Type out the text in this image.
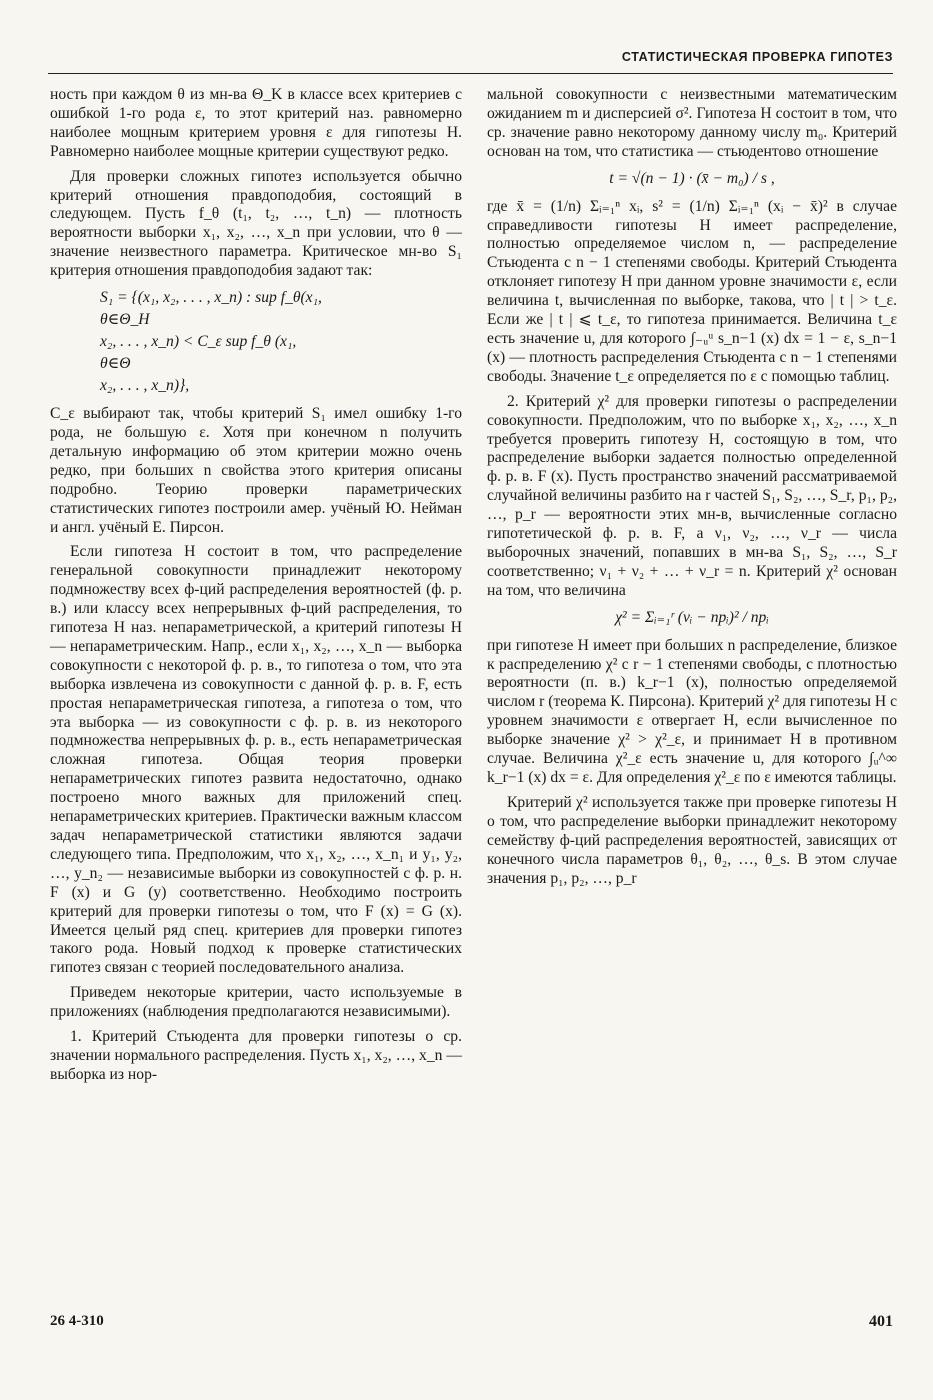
СТАТИСТИЧЕСКАЯ ПРОВЕРКА ГИПОТЕЗ

ность при каждом θ из мн-ва Θ_K в классе всех критериев с ошибкой 1-го рода ε, то этот критерий наз. равномерно наиболее мощным критерием уровня ε для гипотезы H. Равномерно наиболее мощные критерии существуют редко.

Для проверки сложных гипотез используется обычно критерий отношения правдоподобия, состоящий в следующем. Пусть f_θ (t₁, t₂, …, t_n) — плотность вероятности выборки x₁, x₂, …, x_n при условии, что θ — значение неизвестного параметра. Критическое мн-во S₁ критерия отношения правдоподобия задают так:

S₁ = {(x₁, x₂, . . . , x_n) : sup f_θ(x₁,
θ∈Θ_H
x₂, . . . , x_n) < C_ε sup f_θ (x₁,
θ∈Θ
x₂, . . . , x_n)},

C_ε выбирают так, чтобы критерий S₁ имел ошибку 1-го рода, не большую ε. Хотя при конечном n получить детальную информацию об этом критерии можно очень редко, при больших n свойства этого критерия описаны подробно. Теорию проверки параметрических статистических гипотез построили амер. учёный Ю. Нейман и англ. учёный Е. Пирсон.

Если гипотеза H состоит в том, что распределение генеральной совокупности принадлежит некоторому подмножеству всех ф-ций распределения вероятностей (ф. р. в.) или классу всех непрерывных ф-ций распределения, то гипотеза H наз. непараметрической, а критерий гипотезы H — непараметрическим. Напр., если x₁, x₂, …, x_n — выборка совокупности с некоторой ф. р. в., то гипотеза о том, что эта выборка извлечена из совокупности с данной ф. р. в. F, есть простая непараметрическая гипотеза, а гипотеза о том, что эта выборка — из совокупности с ф. р. в. из некоторого подмножества непрерывных ф. р. в., есть непараметрическая сложная гипотеза. Общая теория проверки непараметрических гипотез развита недостаточно, однако построено много важных для приложений спец. непараметрических критериев. Практически важным классом задач непараметрической статистики являются задачи следующего типа. Предположим, что x₁, x₂, …, x_n₁ и y₁, y₂, …, y_n₂ — независимые выборки из совокупностей с ф. р. н. F (x) и G (y) соответственно. Необходимо построить критерий для проверки гипотезы о том, что F (x) = G (x). Имеется целый ряд спец. критериев для проверки гипотез такого рода. Новый подход к проверке статистических гипотез связан с теорией последовательного анализа.

Приведем некоторые критерии, часто используемые в приложениях (наблюдения предполагаются независимыми).

1. Критерий Стьюдента для проверки гипотезы о ср. значении нормального распределения. Пусть x₁, x₂, …, x_n — выборка из нор-

мальной совокупности с неизвестными математическим ожиданием m и дисперсией σ². Гипотеза H состоит в том, что ср. значение равно некоторому данному числу m₀. Критерий основан на том, что статистика — стьюдентово отношение

t = √(n − 1) · (x̄ − m₀) / s ,

где x̄ = (1/n) Σᵢ₌₁ⁿ xᵢ, s² = (1/n) Σᵢ₌₁ⁿ (xᵢ − x̄)² в случае справедливости гипотезы H имеет распределение, полностью определяемое числом n, — распределение Стьюдента с n − 1 степенями свободы. Критерий Стьюдента отклоняет гипотезу H при данном уровне значимости ε, если величина t, вычисленная по выборке, такова, что | t | > t_ε. Если же | t | ⩽ t_ε, то гипотеза принимается. Величина t_ε есть значение u, для которого ∫₋ᵤᵘ s_n−1 (x) dx = 1 − ε, s_n−1 (x) — плотность распределения Стьюдента с n − 1 степенями свободы. Значение t_ε определяется по ε с помощью таблиц.

2. Критерий χ² для проверки гипотезы о распределении совокупности. Предположим, что по выборке x₁, x₂, …, x_n требуется проверить гипотезу H, состоящую в том, что распределение выборки задается полностью определенной ф. р. в. F (x). Пусть пространство значений рассматриваемой случайной величины разбито на r частей S₁, S₂, …, S_r, p₁, p₂, …, p_r — вероятности этих мн-в, вычисленные согласно гипотетической ф. р. в. F, а ν₁, ν₂, …, ν_r — числа выборочных значений, попавших в мн-ва S₁, S₂, …, S_r соответственно; ν₁ + ν₂ + … + ν_r = n. Критерий χ² основан на том, что величина

χ² = Σᵢ₌₁ʳ (νᵢ − npᵢ)² / npᵢ

при гипотезе H имеет при больших n распределение, близкое к распределению χ² с r − 1 степенями свободы, с плотностью вероятности (п. в.) k_r−1 (x), полностью определяемой числом r (теорема К. Пирсона). Критерий χ² для гипотезы H с уровнем значимости ε отвергает H, если вычисленное по выборке значение χ² > χ²_ε, и принимает H в противном случае. Величина χ²_ε есть значение u, для которого ∫ᵤ^∞ k_r−1 (x) dx = ε. Для определения χ²_ε по ε имеются таблицы.

Критерий χ² используется также при проверке гипотезы H о том, что распределение выборки принадлежит некоторому семейству ф-ций распределения вероятностей, зависящих от конечного числа параметров θ₁, θ₂, …, θ_s. В этом случае значения p₁, p₂, …, p_r

26 4-310	401
